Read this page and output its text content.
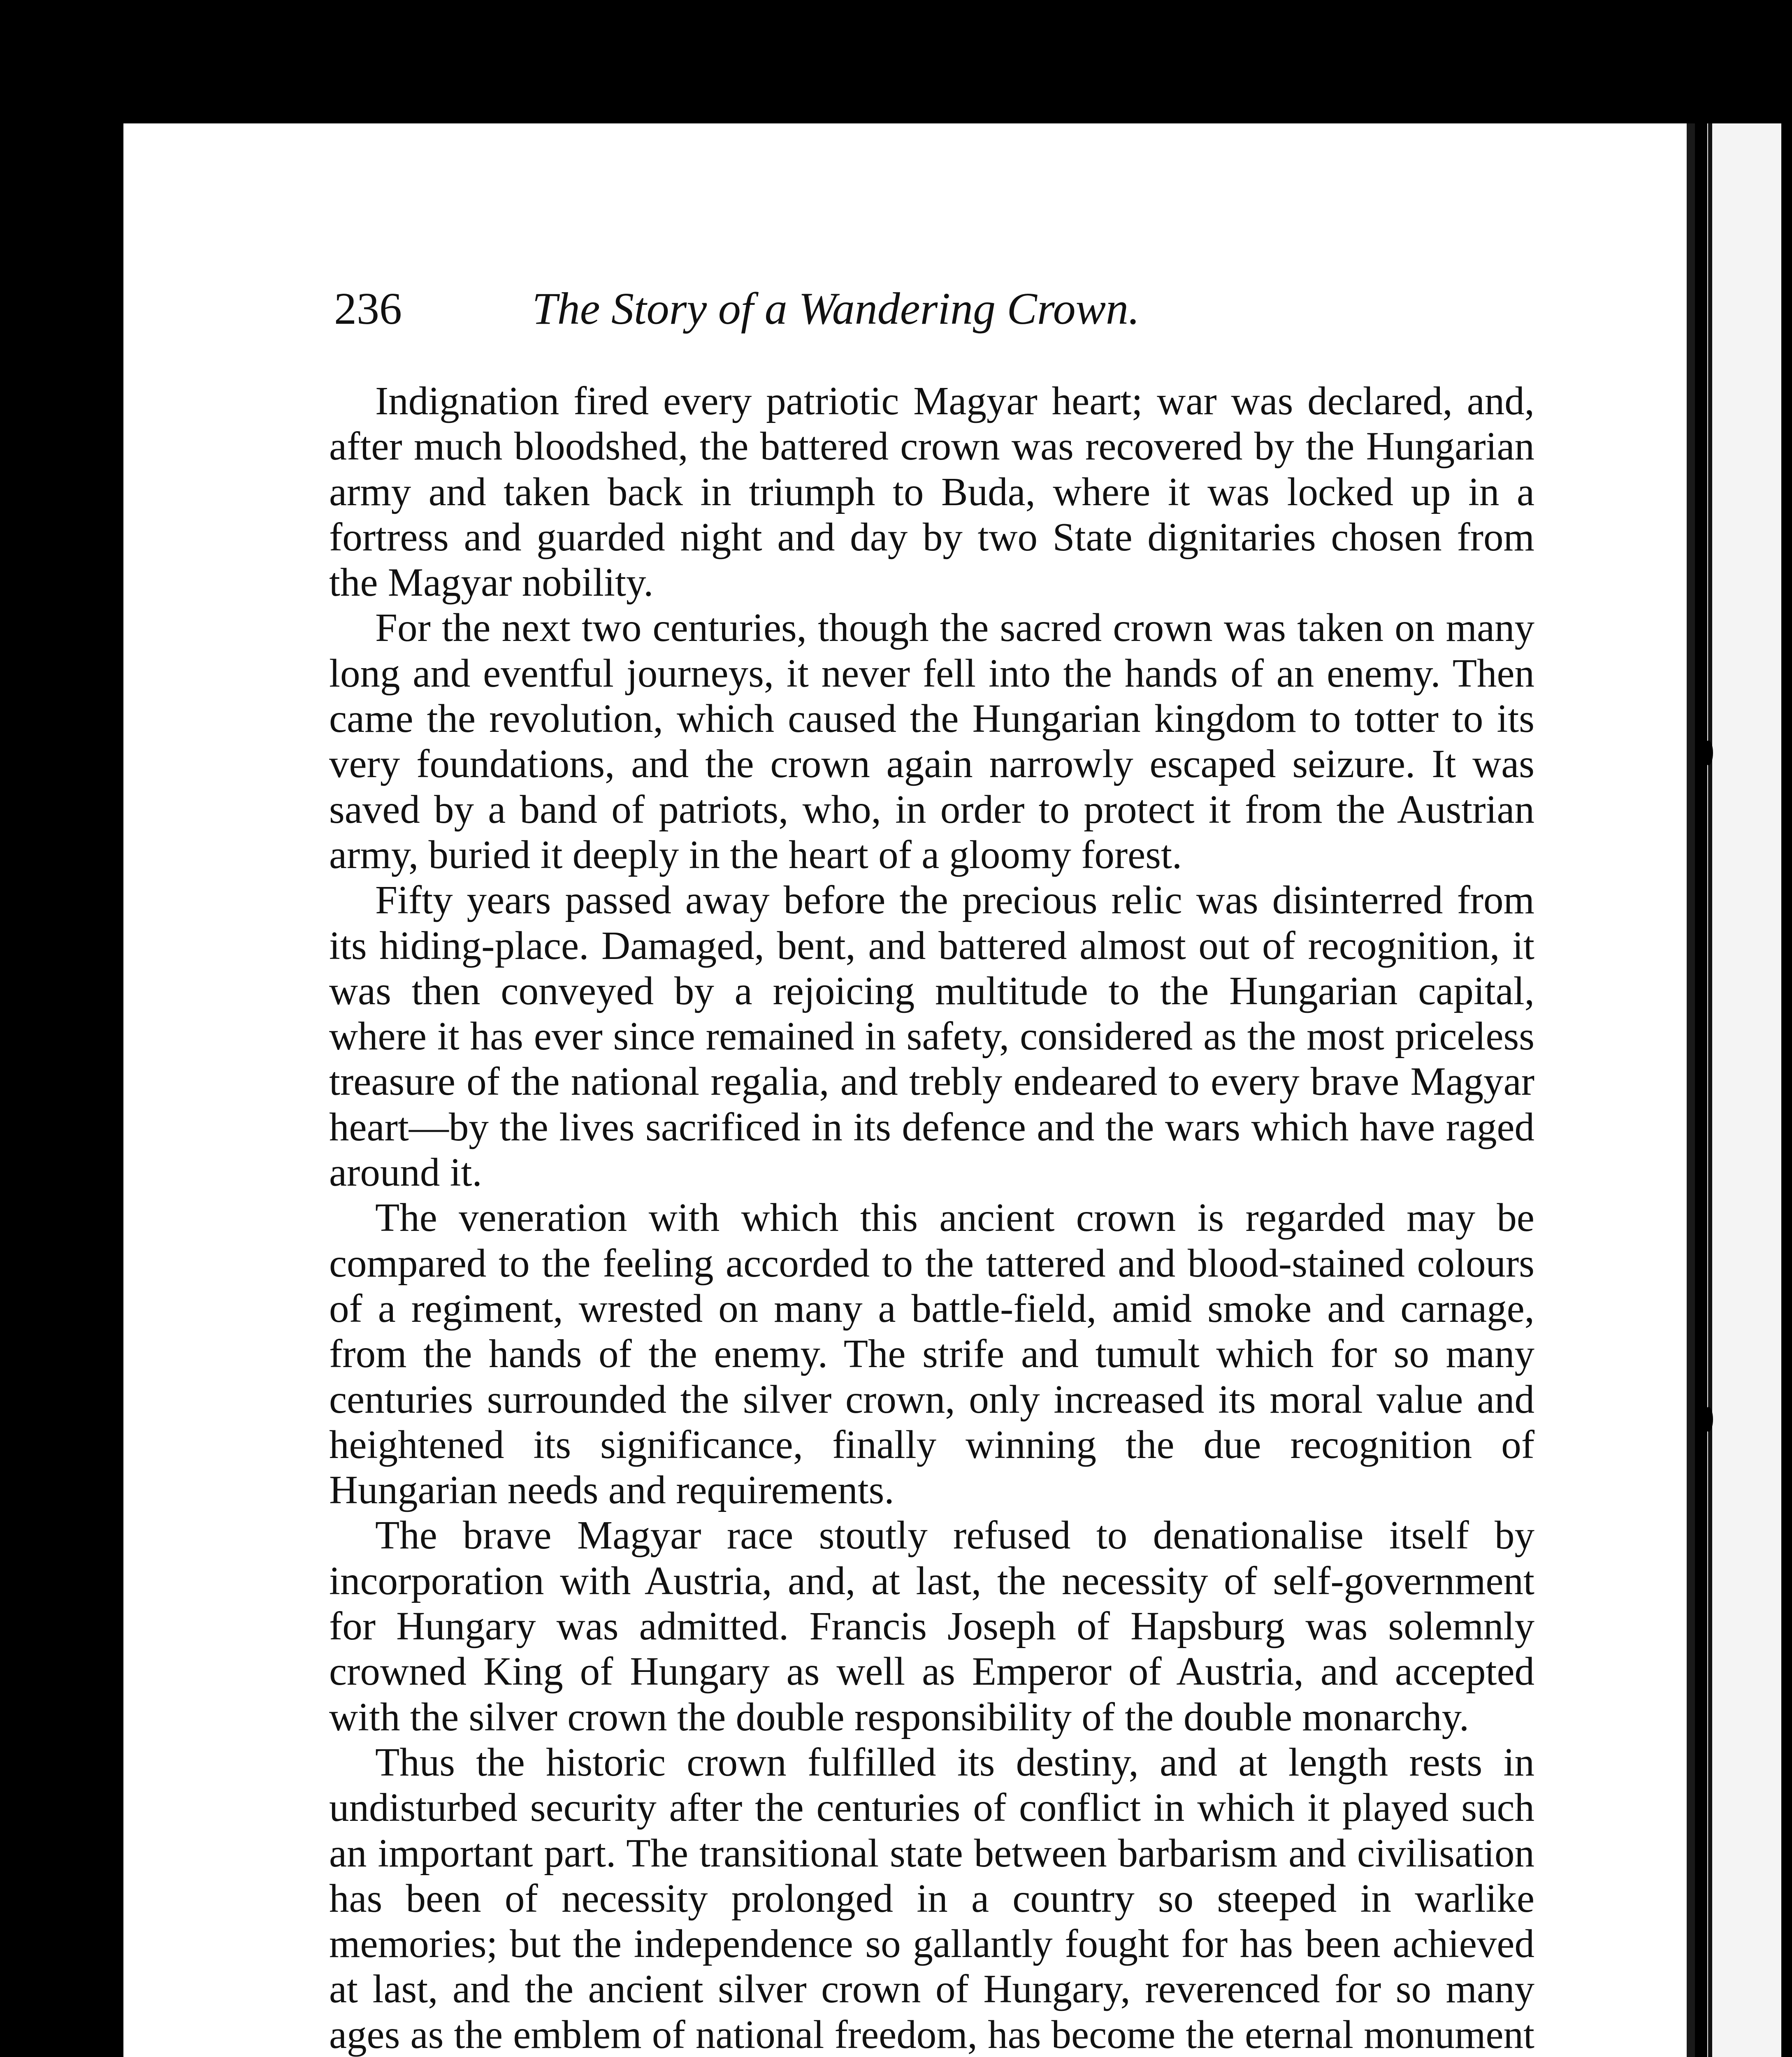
236	The Story of a Wandering Crown.

Indignation fired every patriotic Magyar heart; war was declared, and, after much bloodshed, the battered crown was recovered by the Hungarian army and taken back in triumph to Buda, where it was locked up in a fortress and guarded night and day by two State dignitaries chosen from the Magyar nobility.

For the next two centuries, though the sacred crown was taken on many long and eventful journeys, it never fell into the hands of an enemy. Then came the revolution, which caused the Hungarian kingdom to totter to its very foundations, and the crown again narrowly escaped seizure. It was saved by a band of patriots, who, in order to protect it from the Austrian army, buried it deeply in the heart of a gloomy forest.

Fifty years passed away before the precious relic was disinterred from its hiding-place. Damaged, bent, and battered almost out of recognition, it was then conveyed by a rejoicing multitude to the Hungarian capital, where it has ever since remained in safety, considered as the most priceless treasure of the national regalia, and trebly endeared to every brave Magyar heart—by the lives sacrificed in its defence and the wars which have raged around it.

The veneration with which this ancient crown is regarded may be compared to the feeling accorded to the tattered and blood-stained colours of a regiment, wrested on many a battle-field, amid smoke and carnage, from the hands of the enemy. The strife and tumult which for so many centuries surrounded the silver crown, only increased its moral value and heightened its significance, finally winning the due recognition of Hungarian needs and requirements.

The brave Magyar race stoutly refused to denationalise itself by incorporation with Austria, and, at last, the necessity of self-government for Hungary was admitted. Francis Joseph of Hapsburg was solemnly crowned King of Hungary as well as Emperor of Austria, and accepted with the silver crown the double responsibility of the double monarchy.

Thus the historic crown fulfilled its destiny, and at length rests in undisturbed security after the centuries of conflict in which it played such an important part. The transitional state between barbarism and civilisation has been of necessity prolonged in a country so steeped in warlike memories; but the independence so gallantly fought for has been achieved at last, and the ancient silver crown of Hungary, reverenced for so many ages as the emblem of national freedom, has become the eternal monument
